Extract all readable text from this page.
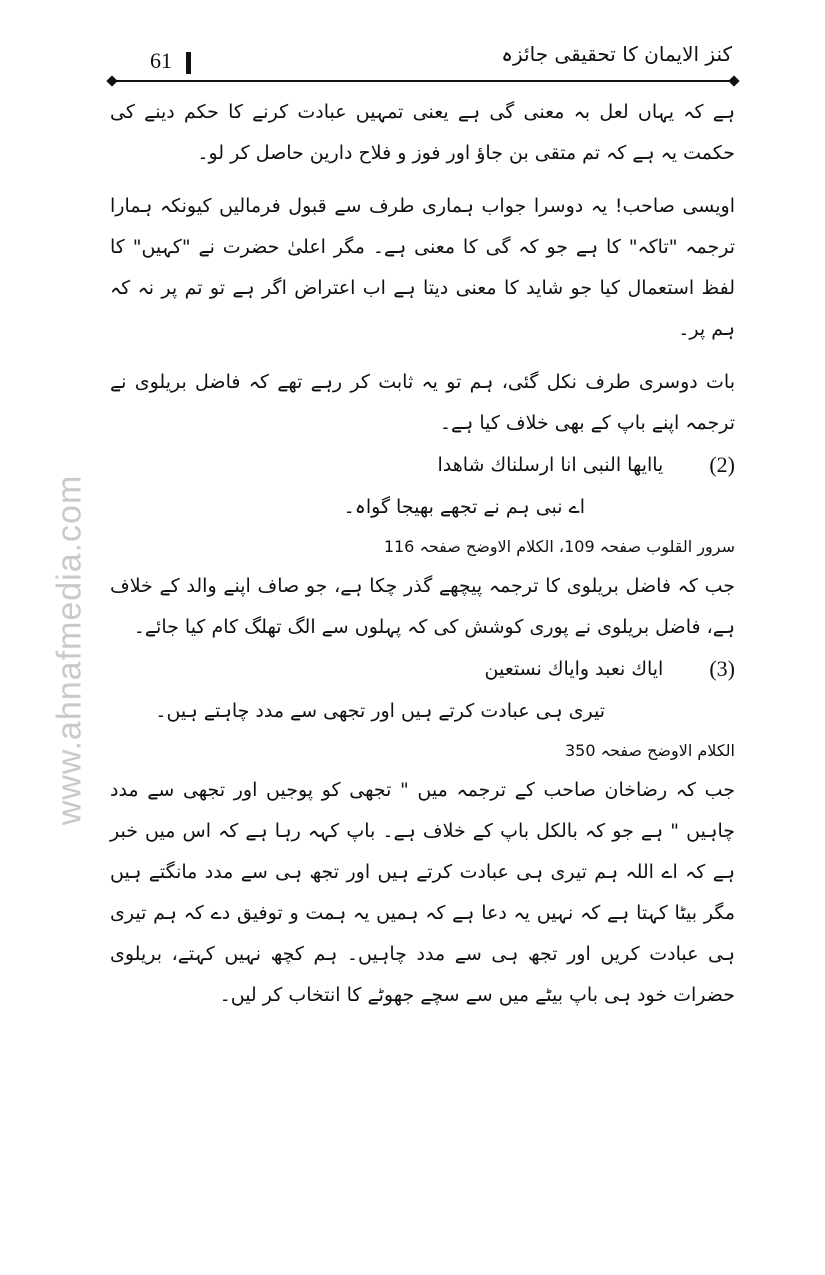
www.ahnafmedia.com
61	کنز الایمان کا تحقیقی جائزہ

ہے کہ یہاں لعل بہ معنی گی ہے یعنی تمہیں عبادت کرنے کا حکم دینے کی حکمت یہ ہے کہ تم متقی بن جاؤ اور فوز و فلاح دارین حاصل کر لو۔

اویسی صاحب! یہ دوسرا جواب ہماری طرف سے قبول فرمالیں کیونکہ ہمارا ترجمہ "تاکہ" کا ہے جو کہ گی کا معنی ہے۔ مگر اعلیٰ حضرت نے "کہیں" کا لفظ استعمال کیا جو شاید کا معنی دیتا ہے اب اعتراض اگر ہے تو تم پر نہ کہ ہم پر۔

بات دوسری طرف نکل گئی، ہم تو یہ ثابت کر رہے تھے کہ فاضل بریلوی نے ترجمہ اپنے باپ کے بھی خلاف کیا ہے۔

(2)
یاایھا النبی انا ارسلناك شاھدا
اے نبی ہم نے تجھے بھیجا گواہ۔
سرور القلوب صفحہ 109، الکلام الاوضح صفحہ 116

جب کہ فاضل بریلوی کا ترجمہ پیچھے گذر چکا ہے، جو صاف اپنے والد کے خلاف ہے، فاضل بریلوی نے پوری کوشش کی کہ پہلوں سے الگ تھلگ کام کیا جائے۔

(3)
ایاك نعبد وایاك نستعین
تیری ہی عبادت کرتے ہیں اور تجھی سے مدد چاہتے ہیں۔
الکلام الاوضح صفحہ 350

جب کہ رضاخان صاحب کے ترجمہ میں " تجھی کو پوجیں اور تجھی سے مدد چاہیں " ہے جو کہ بالکل باپ کے خلاف ہے۔ باپ کہہ رہا ہے کہ اس میں خبر ہے کہ اے اللہ ہم تیری ہی عبادت کرتے ہیں اور تجھ ہی سے مدد مانگتے ہیں مگر بیٹا کہتا ہے کہ نہیں یہ دعا ہے کہ ہمیں یہ ہمت و توفیق دے کہ ہم تیری ہی عبادت کریں اور تجھ ہی سے مدد چاہیں۔ ہم کچھ نہیں کہتے، بریلوی حضرات خود ہی باپ بیٹے میں سے سچے جھوٹے کا انتخاب کر لیں۔
